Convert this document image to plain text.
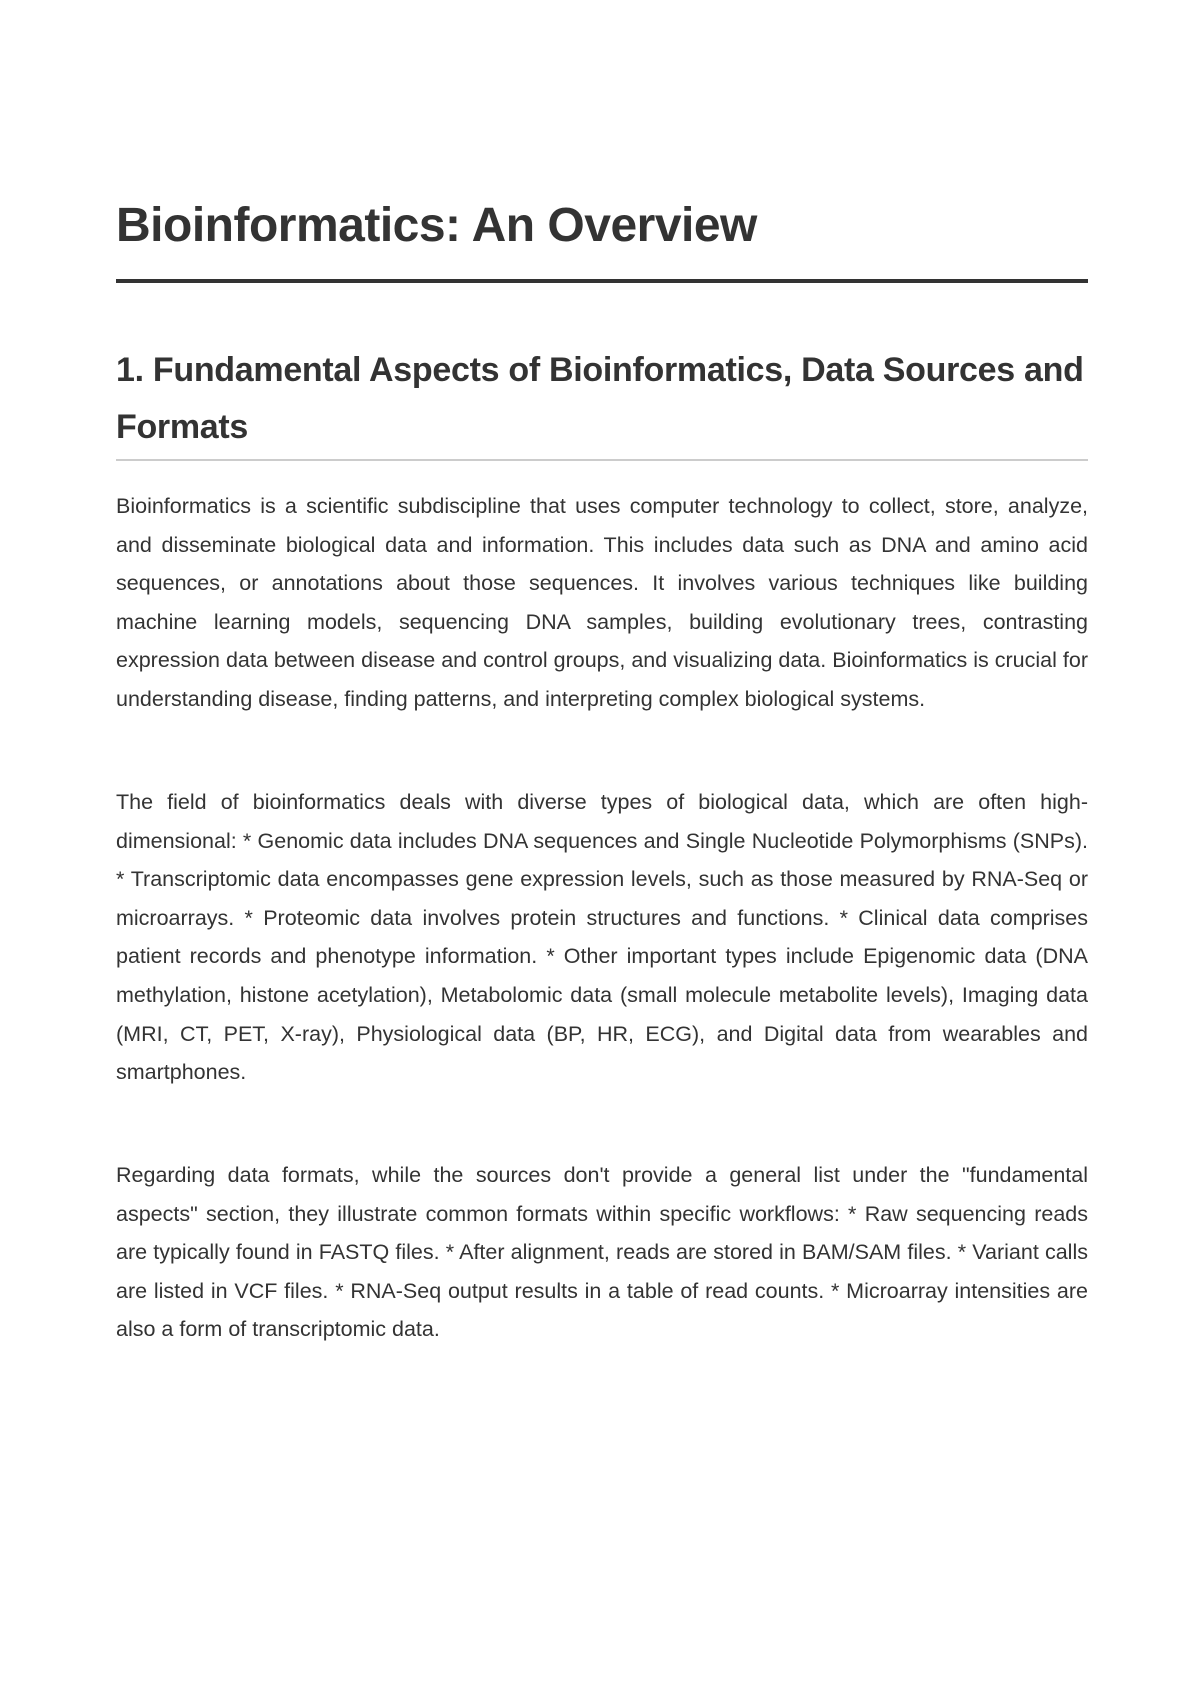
Bioinformatics: An Overview
1. Fundamental Aspects of Bioinformatics, Data Sources and Formats

Bioinformatics is a scientific subdiscipline that uses computer technology to collect, store, analyze, and disseminate biological data and information. This includes data such as DNA and amino acid sequences, or annotations about those sequences. It involves various techniques like building machine learning models, sequencing DNA samples, building evolutionary trees, contrasting expression data between disease and control groups, and visualizing data. Bioinformatics is crucial for understanding disease, finding patterns, and interpreting complex biological systems.

The field of bioinformatics deals with diverse types of biological data, which are often high-dimensional: * Genomic data includes DNA sequences and Single Nucleotide Polymorphisms (SNPs). * Transcriptomic data encompasses gene expression levels, such as those measured by RNA-Seq or microarrays. * Proteomic data involves protein structures and functions. * Clinical data comprises patient records and phenotype information. * Other important types include Epigenomic data (DNA methylation, histone acetylation), Metabolomic data (small molecule metabolite levels), Imaging data (MRI, CT, PET, X-ray), Physiological data (BP, HR, ECG), and Digital data from wearables and smartphones.

Regarding data formats, while the sources don't provide a general list under the "fundamental aspects" section, they illustrate common formats within specific workflows: * Raw sequencing reads are typically found in FASTQ files. * After alignment, reads are stored in BAM/SAM files. * Variant calls are listed in VCF files. * RNA-Seq output results in a table of read counts. * Microarray intensities are also a form of transcriptomic data.
